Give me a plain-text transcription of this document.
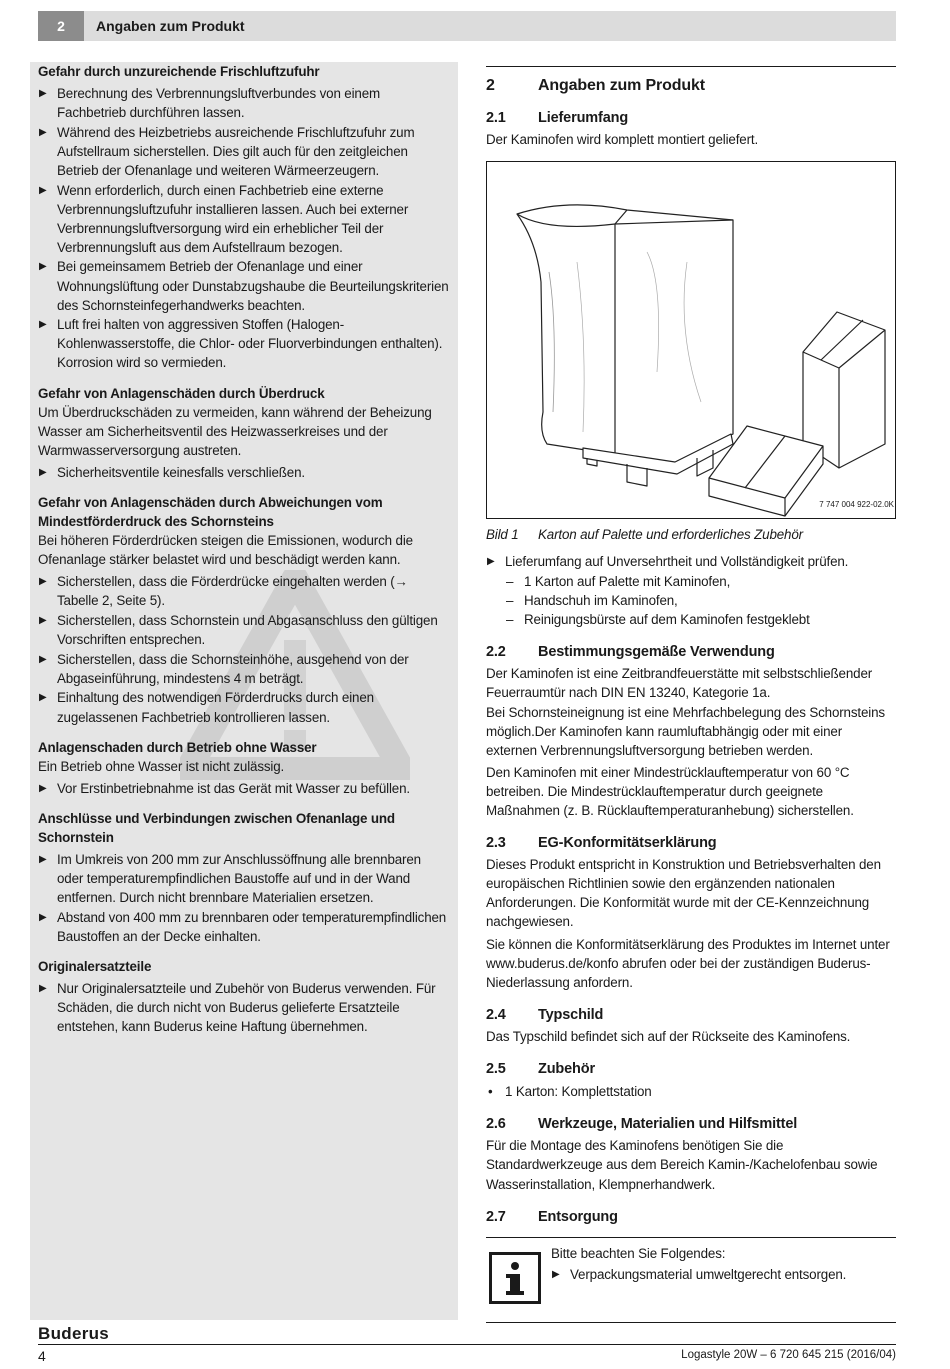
2	Angaben zum Produkt
Gefahr durch unzureichende Frischluftzufuhr
▶ Berechnung des Verbrennungsluftverbundes von einem Fachbetrieb durchführen lassen.
▶ Während des Heizbetriebs ausreichende Frischluftzufuhr zum Aufstellraum sicherstellen. Dies gilt auch für den zeitgleichen Betrieb der Ofenanlage und weiteren Wärmeerzeugern.
▶ Wenn erforderlich, durch einen Fachbetrieb eine externe Verbrennungsluftzufuhr installieren lassen. Auch bei externer Verbrennungsluftversorgung wird ein erheblicher Teil der Verbrennungsluft aus dem Aufstellraum bezogen.
▶ Bei gemeinsamem Betrieb der Ofenanlage und einer Wohnungslüftung oder Dunstabzugshaube die Beurteilungskriterien des Schornsteinfegerhandwerks beachten.
▶ Luft frei halten von aggressiven Stoffen (Halogen-Kohlenwasserstoffe, die Chlor- oder Fluorverbindungen enthalten). Korrosion wird so vermieden.
Gefahr von Anlagenschäden durch Überdruck

Um Überdruckschäden zu vermeiden, kann während der Beheizung Wasser am Sicherheitsventil des Heizwasserkreises und der Warmwasserversorgung austreten.

▶ Sicherheitsventile keinesfalls verschließen.
Gefahr von Anlagenschäden durch Abweichungen vom Mindestförderdruck des Schornsteins

Bei höheren Förderdrücken steigen die Emissionen, wodurch die Ofenanlage stärker belastet wird und beschädigt werden kann.

▶ Sicherstellen, dass die Förderdrücke eingehalten werden (→ Tabelle 2, Seite 5).
▶ Sicherstellen, dass Schornstein und Abgasanschluss den gültigen Vorschriften entsprechen.
▶ Sicherstellen, dass die Schornsteinhöhe, ausgehend von der Abgaseinführung, mindestens 4 m beträgt.
▶ Einhaltung des notwendigen Förderdrucks durch einen zugelassenen Fachbetrieb kontrollieren lassen.
Anlagenschaden durch Betrieb ohne Wasser

Ein Betrieb ohne Wasser ist nicht zulässig.

▶ Vor Erstinbetriebnahme ist das Gerät mit Wasser zu befüllen.
Anschlüsse und Verbindungen zwischen Ofenanlage und Schornstein
▶ Im Umkreis von 200 mm zur Anschlussöffnung alle brennbaren oder temperaturempfindlichen Baustoffe auf und in der Wand entfernen. Durch nicht brennbare Materialien ersetzen.
▶ Abstand von 400 mm zu brennbaren oder temperaturempfindlichen Baustoffen an der Decke einhalten.
Originalersatzteile
▶ Nur Originalersatzteile und Zubehör von Buderus verwenden. Für Schäden, die durch nicht von Buderus gelieferte Ersatzteile entstehen, kann Buderus keine Haftung übernehmen.
2	Angaben zum Produkt
2.1	Lieferumfang

Der Kaminofen wird komplett montiert geliefert.

7 747 004 922-02.0K
Bild 1	Karton auf Palette und erforderliches Zubehör
▶ Lieferumfang auf Unversehrtheit und Vollständigkeit prüfen.
– 1 Karton auf Palette mit Kaminofen,
– Handschuh im Kaminofen,
– Reinigungsbürste auf dem Kaminofen festgeklebt
2.2	Bestimmungsgemäße Verwendung

Der Kaminofen ist eine Zeitbrandfeuerstätte mit selbstschließender Feuerraumtür nach DIN EN 13240, Kategorie 1a.

Bei Schornsteineignung ist eine Mehrfachbelegung des Schornsteins möglich.Der Kaminofen kann raumluftabhängig oder mit einer externen Verbrennungsluftversorgung betrieben werden.

Den Kaminofen mit einer Mindestrücklauftemperatur von 60 °C betreiben. Die Mindestrücklauftemperatur durch geeignete Maßnahmen (z. B. Rücklauftemperaturanhebung) sicherstellen.

2.3	EG-Konformitätserklärung

Dieses Produkt entspricht in Konstruktion und Betriebsverhalten den europäischen Richtlinien sowie den ergänzenden nationalen Anforderungen. Die Konformität wurde mit der CE-Kennzeichnung nachgewiesen.

Sie können die Konformitätserklärung des Produktes im Internet unter www.buderus.de/konfo abrufen oder bei der zuständigen Buderus-Niederlassung anfordern.

2.4	Typschild

Das Typschild befindet sich auf der Rückseite des Kaminofens.

2.5	Zubehör
• 1 Karton: Komplettstation
2.6	Werkzeuge, Materialien und Hilfsmittel

Für die Montage des Kaminofens benötigen Sie die Standardwerkzeuge aus dem Bereich Kamin-/Kachelofenbau sowie Wasserinstallation, Klempnerhandwerk.

2.7	Entsorgung

Bitte beachten Sie Folgendes:

▶ Verpackungsmaterial umweltgerecht entsorgen.
Buderus
4	Logastyle 20W – 6 720 645 215 (2016/04)
